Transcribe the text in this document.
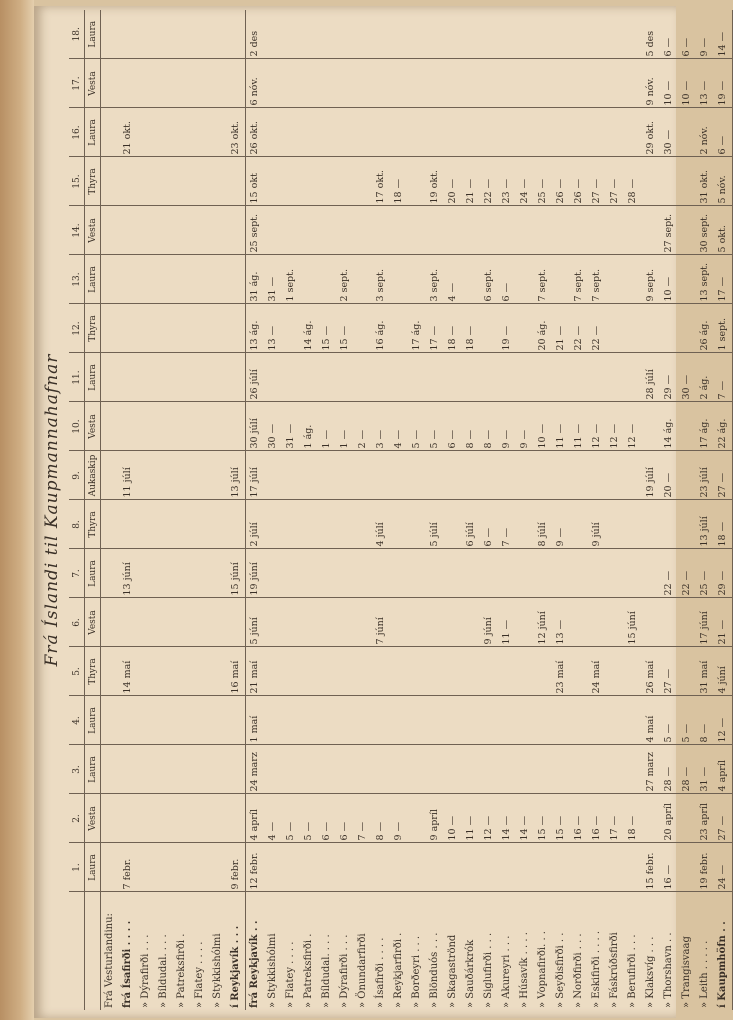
Frá Íslandi til Kaupmannahafnar
	1.	2.	3.	4.	5.	6.	7.	8.	9.	10.	11.	12.	13.	14.	15.	16.	17.	18.
	Laura	Vesta	Laura	Laura	Thyra	Vesta	Laura	Thyra	Aukaskip	Vesta	Laura	Thyra	Laura	Vesta	Thyra	Laura	Vesta	Laura
Frá Vesturlandinu:																		
frá Ísafirði . . . .	7 febr.				14 maí		13 júní		11 júlí							21 okt.		
» Dýrafirði . . .																		
» Bíldudal. . . .																		
» Patreksfirði .																		
» Flatey . . . .																		
» Stykkishólmi																		
í Reykjavík . . .	9 febr.				16 maí		15 júní		13 júlí							23 okt.		
frá Reykjavík . .	12 febr.	4 apríl	24 marz	1 maí	21 maí	5 júní	19 júní	2 júlí	17 júlí	30 júlí	26 júlí	13 ág.	31 ág.	25 sept.	15 okt	26 okt.	6 nóv.	2 des
» Stykkishólmi		4 —								30 —		13 —	31 —					
» Flatey . . . .		5 —								31 —			1 sept.					
» Patreksfirði .		5 —								1 ág.		14 ág.						
» Bíldudal. . . .		6 —								1 —		15 —						
» Dýrafirði . . .		6 —								1 —		15 —	2 sept.					
» Önundarfirði		7 —								2 —								
» Ísafirði . . . .		8 —				7 júní		4 júlí		3 —		16 ág.	3 sept.		17 okt.			
» Reykjarfirði .		9 —								4 —					18 —			
» Borðeyri . . .										5 —		17 ág.						
» Blönduós . . .		9 apríl						5 júlí		5 —		17 —	3 sept.		19 okt.			
» Skagaströnd		10 —								6 —		18 —	4 —		20 —			
» Sauðárkrók		11 —						6 júlí		8 —		18 —			21 —			
» Siglufirði . . .		12 —				9 júní		6 —		8 —			6 sept.		22 —			
» Akureyri . . .		14 —				11 —		7 —		9 —		19 —	6 —		23 —			
» Húsavík . . . .		14 —								9 —					24 —			
» Vopnafirði. . .		15 —				12 júní		8 júlí		10 —		20 ág.	7 sept.		25 —			
» Seyðisfirði . .		15 —			23 maí	13 —		9 —		11 —		21 —			26 —			
» Norðfirði . . .		16 —								11 —		22 —	7 sept.		26 —			
» Eskifirði . . . .		16 —			24 maí			9 júlí		12 —		22 —	7 sept.		27 —			
» Fáskrúðsfirði		17 —								12 —					27 —			
» Berufirði . . .		18 —				15 júní				12 —					28 —			
» Klaksvíg . . .	15 febr.		27 marz	4 maí	26 maí				19 júlí		28 júlí		9 sept.			29 okt.	9 nóv.	5 des
» Thorshavn . .	16 —	20 apríl	28 —	5 —	27 —		22 —		20 —	14 ág.	29 —		10 —	27 sept.		30 —	10 —	6 —
» Trangisvaag			28 —	5 —			22 —				30 —						10 —	6 —
» Leith . . . . .	19 febr.	23 apríl	31 —	8 —	31 maí	17 júní	25 —	13 júlí	23 júlí	17 ág.	2 ág.	26 ág.	13 sept.	30 sept.	31 okt.	2 nóv.	13 —	9 —
í Kaupmhöfn . .	24 —	27 —	4 apríl	12 —	4 júní	21 —	29 —	18 —	27 —	22 ág.	7 —	1 sept.	17 —	5 okt.	5 nóv.	6 —	19 —	14 —
